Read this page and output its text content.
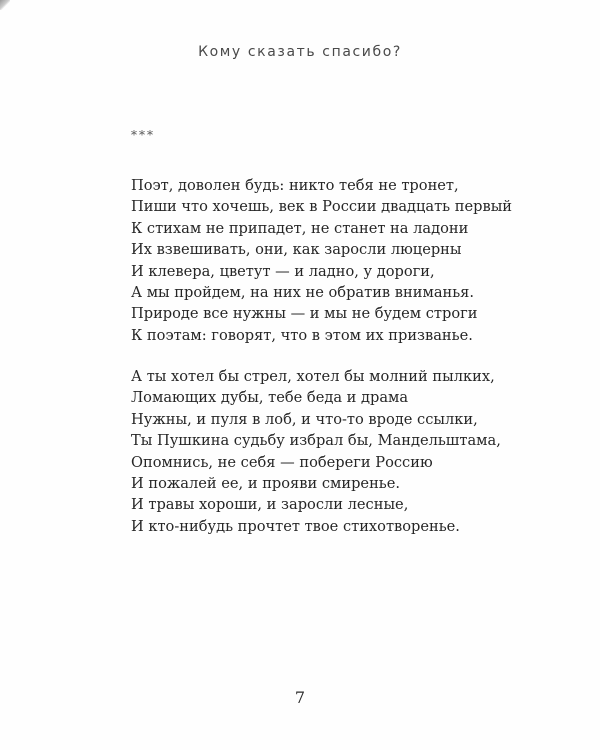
Кому сказать спасибо?
***
Поэт, доволен будь: никто тебя не тронет,
Пиши что хочешь, век в России двадцать первый
К стихам не припадет, не станет на ладони
Их взвешивать, они, как заросли люцерны
И клевера, цветут — и ладно, у дороги,
А мы пройдем, на них не обратив вниманья.
Природе все нужны — и мы не будем строги
К поэтам: говорят, что в этом их призванье.
А ты хотел бы стрел, хотел бы молний пылких,
Ломающих дубы, тебе беда и драма
Нужны, и пуля в лоб, и что-то вроде ссылки,
Ты Пушкина судьбу избрал бы, Мандельштама,
Опомнись, не себя — побереги Россию
И пожалей ее, и прояви смиренье.
И травы хороши, и заросли лесные,
И кто-нибудь прочтет твое стихотворенье.
7
